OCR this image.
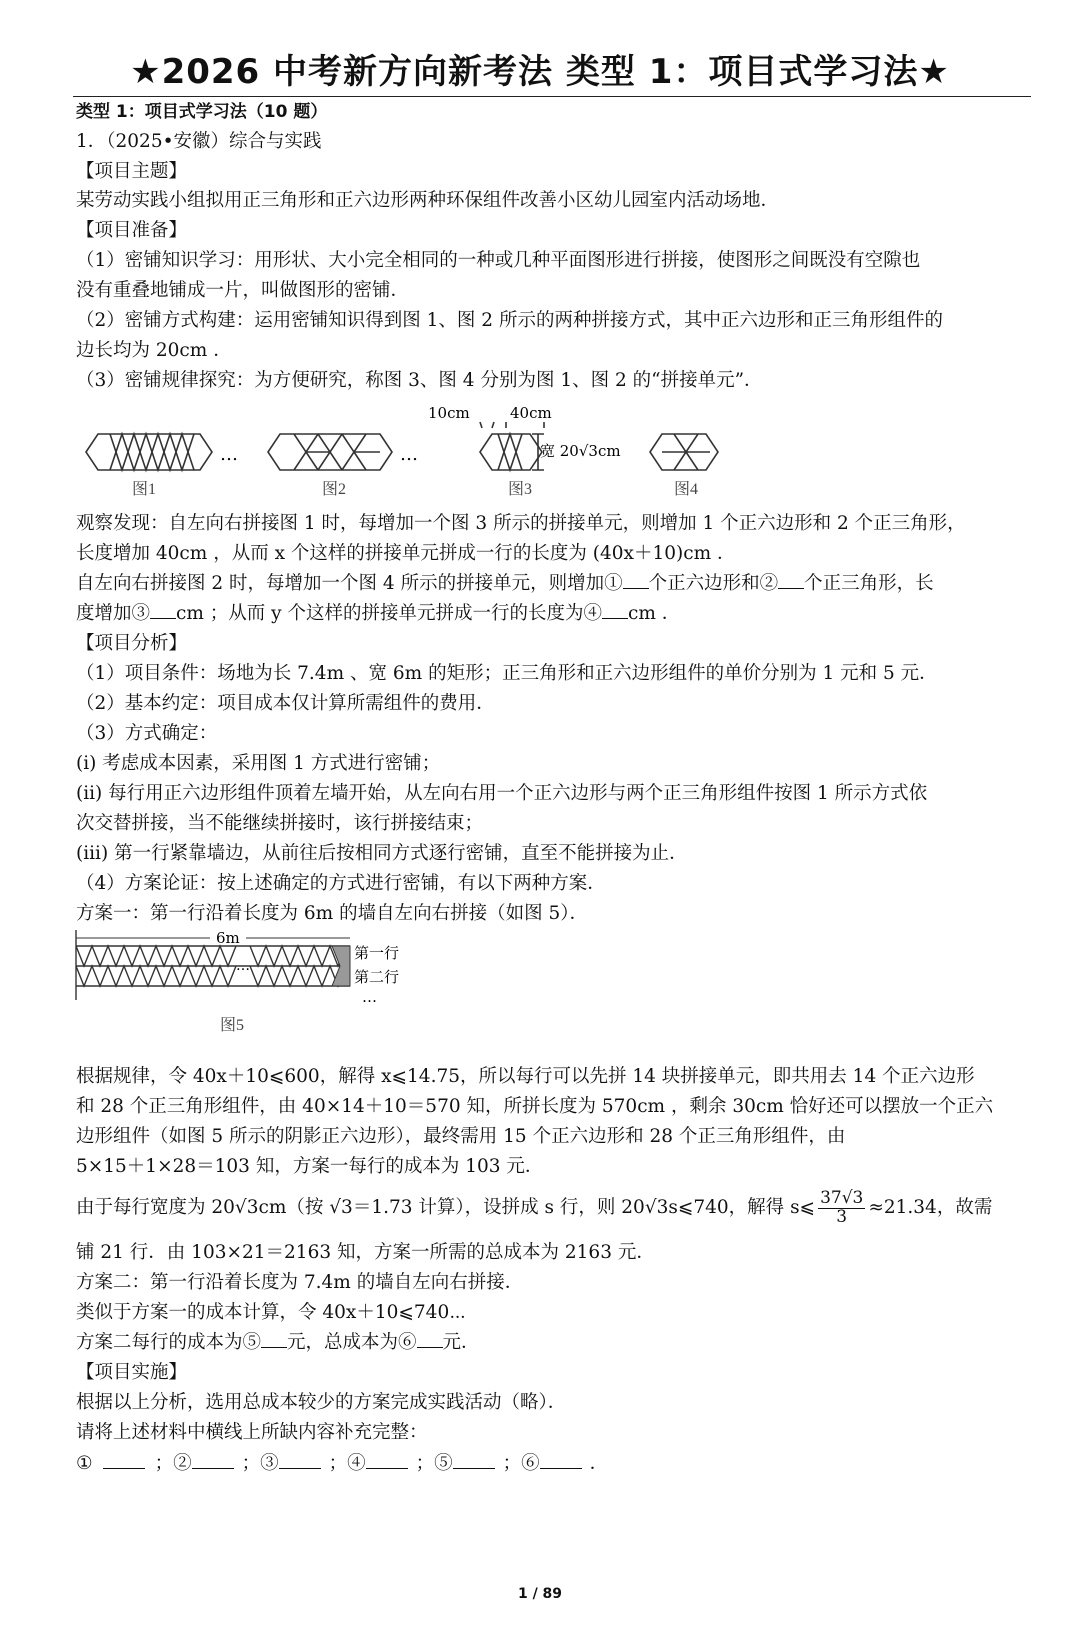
★2026 中考新方向新考法 类型 1：项目式学习法★
类型 1：项目式学习法（10 题）
1．（2025•安徽）综合与实践
【项目主题】
某劳动实践小组拟用正三角形和正六边形两种环保组件改善小区幼儿园室内活动场地．
【项目准备】
（1）密铺知识学习：用形状、大小完全相同的一种或几种平面图形进行拼接，使图形之间既没有空隙也
没有重叠地铺成一片，叫做图形的密铺．
（2）密铺方式构建：运用密铺知识得到图 1、图 2 所示的两种拼接方式，其中正六边形和正三角形组件的
边长均为 20cm ．
（3）密铺规律探究：为方便研究，称图 3、图 4 分别为图 1、图 2 的“拼接单元”．
…	…
10cm	40cm
宽 20√3cm
图1	图2	图3	图4
观察发现：自左向右拼接图 1 时，每增加一个图 3 所示的拼接单元，则增加 1 个正六边形和 2 个正三角形，
长度增加 40cm ，从而 x 个这样的拼接单元拼成一行的长度为 (40x＋10)cm ．
自左向右拼接图 2 时，每增加一个图 4 所示的拼接单元，则增加① 个正六边形和② 个正三角形，长
度增加③ cm ；从而 y 个这样的拼接单元拼成一行的长度为④ cm ．
【项目分析】
（1）项目条件：场地为长 7.4m 、宽 6m 的矩形；正三角形和正六边形组件的单价分别为 1 元和 5 元．
（2）基本约定：项目成本仅计算所需组件的费用．
（3）方式确定：
(i) 考虑成本因素，采用图 1 方式进行密铺；
(ii) 每行用正六边形组件顶着左墙开始，从左向右用一个正六边形与两个正三角形组件按图 1 所示方式依
次交替拼接，当不能继续拼接时，该行拼接结束；
(iii) 第一行紧靠墙边，从前往后按相同方式逐行密铺，直至不能拼接为止．
（4）方案论证：按上述确定的方式进行密铺，有以下两种方案．
方案一：第一行沿着长度为 6m 的墙自左向右拼接（如图 5）．
6m
…
第一行
第二行
…
图5
根据规律，令 40x＋10⩽600，解得 x⩽14.75，所以每行可以先拼 14 块拼接单元，即共用去 14 个正六边形
和 28 个正三角形组件，由 40×14＋10＝570 知，所拼长度为 570cm ，剩余 30cm 恰好还可以摆放一个正六
边形组件（如图 5 所示的阴影正六边形），最终需用 15 个正六边形和 28 个正三角形组件，由
5×15＋1×28＝103 知，方案一每行的成本为 103 元．
由于每行宽度为 20√3cm（按 √3＝1.73 计算），设拼成 s 行，则 20√3s⩽740，解得 s⩽ $\frac{37√3}{3} \approx 21.34$，故需
铺 21 行．由 103×21＝2163 知，方案一所需的总成本为 2163 元．
方案二：第一行沿着长度为 7.4m 的墙自左向右拼接．
类似于方案一的成本计算，令 40x＋10⩽740⋯
方案二每行的成本为⑤ 元，总成本为⑥ 元．
【项目实施】
根据以上分析，选用总成本较少的方案完成实践活动（略）．
请将上述材料中横线上所缺内容补充完整：
①	；②	；③	；④	；⑤	；⑥	．
1 / 89
